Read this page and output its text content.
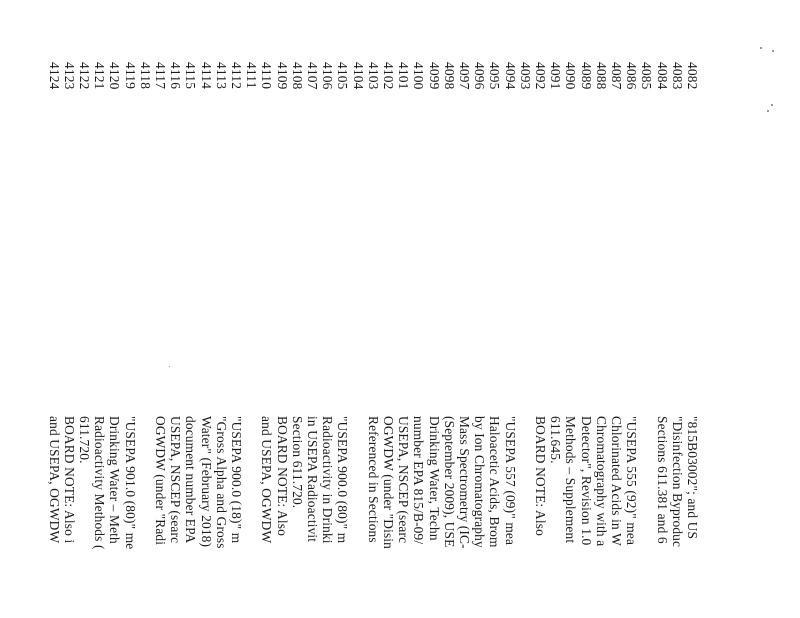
4082
"815B03002"; and US
4083
"Disinfection Byproduc
4084
Sections 611.381 and 6
4085
4086
"USEPA 555 (92)" mea
4087
Chlorinated Acids in W
4088
Chromatography with a
4089
Detector", Revision 1.0
4090
Methods – Supplement
4091
611.645.
4092
BOARD NOTE: Also
4093
4094
"USEPA 557 (09)" mea
4095
Haloacetic Acids, Brom
4096
by Ion Chromatography
4097
Mass Spectrometry (IC-
4098
(September 2009), USE
4099
Drinking Water, Techn
4100
number EPA 815/B-09/
4101
USEPA, NSCEP (searc
4102
OGWDW (under "Disin
4103
Referenced in Sections
4104
4105
"USEPA 900.0 (80)" m
4106
Radioactivity in Drinki
4107
in USEPA Radioactivit
4108
Section 611.720.
4109
BOARD NOTE: Also
4110
and USEPA, OGWDW
4111
4112
"USEPA 900.0 (18)" m
4113
"Gross Alpha and Gross
4114
Water" (February 2018)
4115
document number EPA
4116
USEPA, NSCEP (searc
4117
OGWDW (under "Radi
4118
4119
"USEPA 901.0 (80)" me
4120
Drinking Water – Meth
4121
Radioactivity Methods (
4122
611.720.
4123
BOARD NOTE: Also i
4124
and USEPA, OGWDW
